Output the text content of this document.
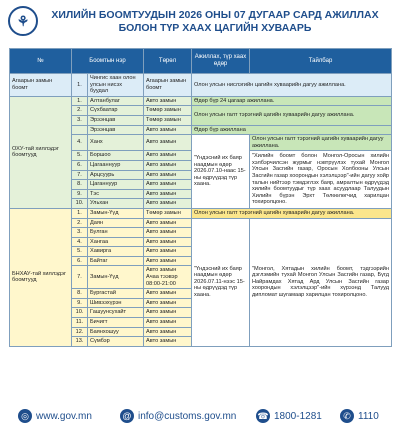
⚘	ХИЛИЙН БООМТУУДЫН 2026 ОНЫ 07 ДУГААР САРД АЖИЛЛАХ
БОЛОН ТҮР ХААХ ЦАГИЙН ХУВААРЬ
№	Боомтын нэр		Төрөл	Ажиллах, түр хаах өдөр	Тайлбар
Агаарын замын боомт	1.	Чингис хаан олон улсын нисэх буудал	Агаарын замын боомт	Олон улсын нислэгийн цагийн хуваарийн дагуу ажиллана.	
ОХУ-тай хиллэдэг боомтууд	1.	Алтанбулаг	Авто замын	Өдөр бүр 24 цагаар ажиллана.	
	2.	Сүхбаатар	Төмөр замын	Олон улсын галт тэрэгний цагийн хуваарийн дагуу ажиллана.	
	3.	Эрээнцав	Төмөр замын		
		Эрээнцав	Авто замын	Өдөр бүр ажиллана	
	4.	Ханх	Авто замын	"Үндэсний их баяр наадмын өдөр 2026.07.10-наас 15-ны өдрүүдэд түр хаана.	Олон улсын галт тэрэгний цагийн хуваарийн дагуу ажиллана.
	5.	Боршоо	Авто замын		"Хилийн боомт болон Монгол-Оросын хилийн хэлбэрчилсэн журмыг нэвтрүүлэх тухай Монгол Улсын Засгийн газар, Оросын Холбооны Улсын Засгийн газар хоорондын хэлэлцээр"-ийн дагуу хойр талын нийтээр тэмдэглэх баяр, амралтын өдрүүдэд хилийн боомтуудыг түр хаах асуудлаар Талуудын Хилийн бүрэн Эрхт Төлөөлөгчид харилцан тохиролцоно.
	6.	Цагааннуур	Авто замын		
	7.	Арцсуурь	Авто замын		
	8.	Цаганнуур	Авто замын		
	9.	Тэс	Авто замын		
	10.	Ульхан	Авто замын		
БНХАУ-тай хиллэдэг боомтууд	1.	Замын-Үүд	Төмөр замын	Олон улсын галт тэрэгний цагийн хуваарийн дагуу ажиллана.	
	2.	Даян	Авто замын	"Үндэсний их баяр наадмын өдөр 2026.07.11-нээс 15-ны өдрүүдэд түр хаана.	"Монгол, Хятадын хилийн боомт, тэдгээрийн дэглэмийн тухай Монгол Улсын Засгийн газар, Бүгд Найрамдах Хятад Ард Улсын Засгийн газар хоорондын хэлэлцээр"-ийн хүрээнд Талууд дипломат шугамаар харилцан тохиролцоно.
	3.	Булган	Авто замын		
	4.	Хангаа	Авто замын		
	5.	Хавирга	Авто замын		
	6.	Байтаг	Авто замын		
	7.	Замын-Үүд	Авто замын Ачаа тээвэр 08:00-21:00		
	8.	Бургастай	Авто замын		
	9.	Шивээхүрэн	Авто замын		
	10.	Гашуунсухайт	Авто замын		
	11.	Бичигт	Авто замын		
	12.	Баянхошуу	Авто замын		
	13.	Сүмбэр	Авто замын		
◎ www.gov.mn	@ info@customs.gov.mn ☎ 1800-1281	✆ 1110
